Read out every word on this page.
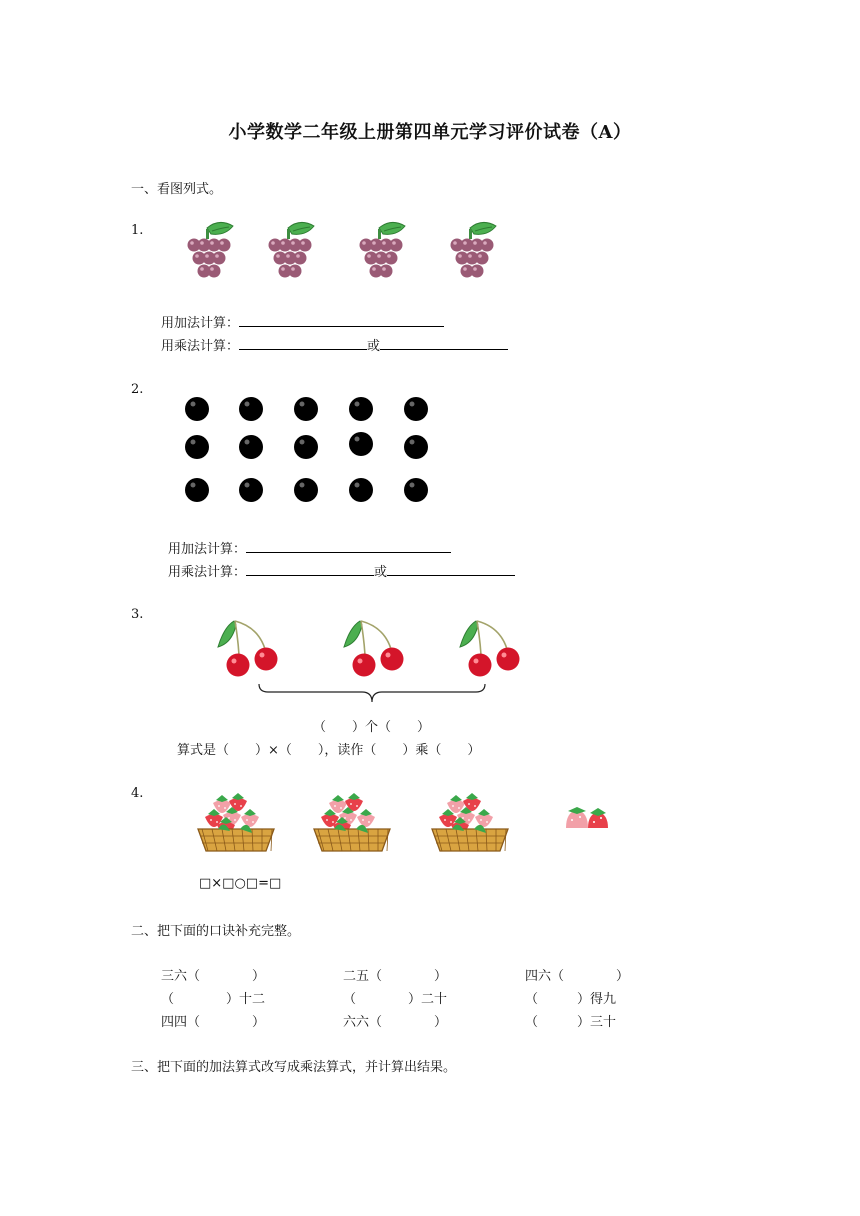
小学数学二年级上册第四单元学习评价试卷（A）
一、看图列式。
1.
用加法计算：
用乘法计算：	或
2.
用加法计算：
用乘法计算：	或
3.
（　　）个（　　）
算式是（　　）×（　　），读作（　　）乘（　　）
4.
□×□○□=□
二、把下面的口诀补充完整。
三六（　　　　）	二五（　　　　）	四六（　　　　）
（　　　　）十二	（　　　　）二十	（　　　）得九
四四（　　　　）	六六（　　　　）	（　　　）三十
三、把下面的加法算式改写成乘法算式，并计算出结果。
